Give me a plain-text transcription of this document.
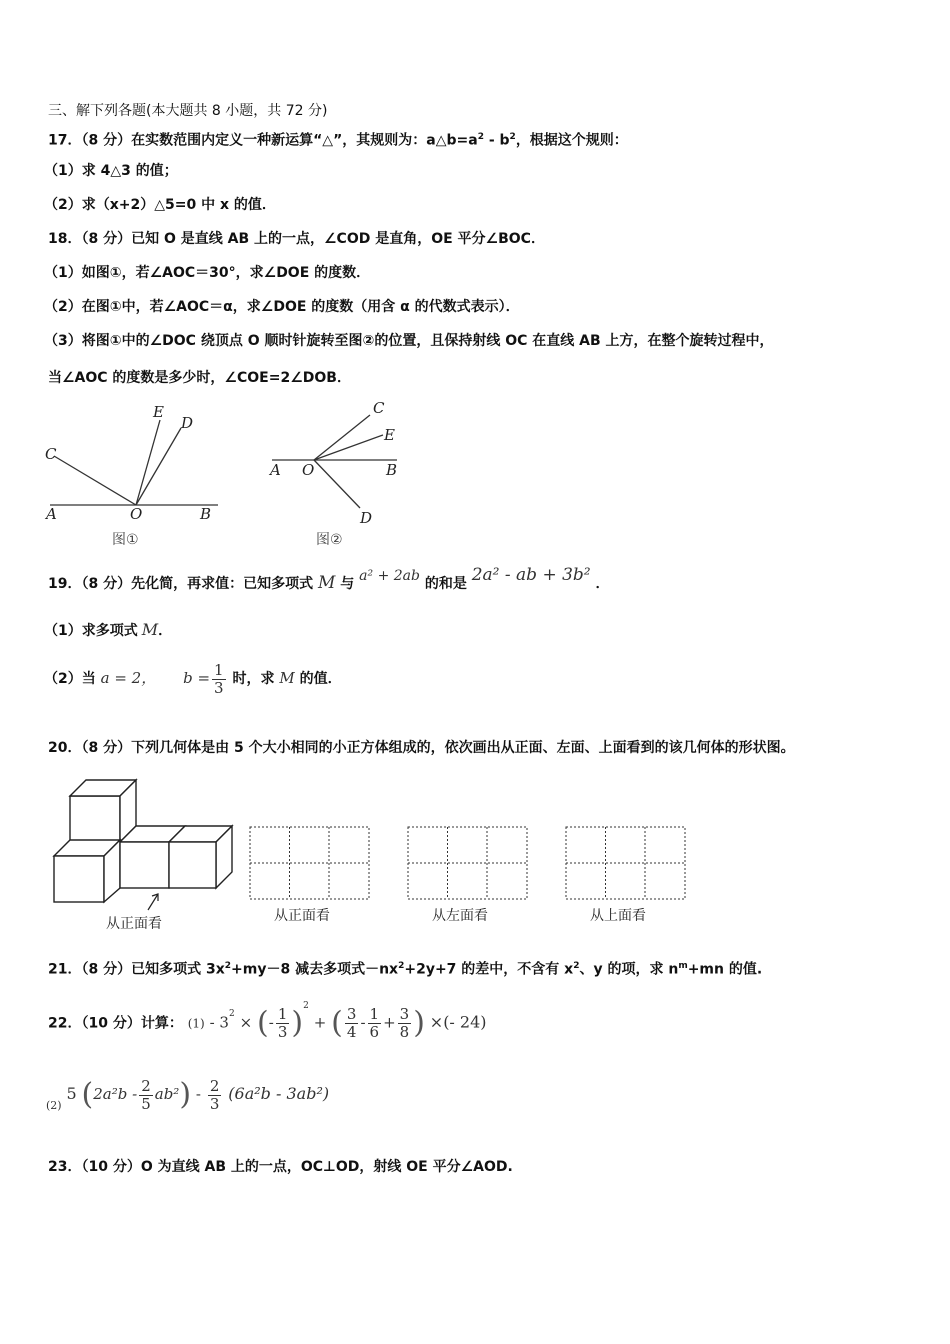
三、解下列各题(本大题共 8 小题，共 72 分)
17．（8 分）在实数范围内定义一种新运算“△”，其规则为：$a\triangle b=a^2 - b^2$，根据这个规则：
（1）求 4△3 的值；
（2）求（x+2）△5=0 中 x 的值．
18．（8 分）已知 O 是直线 AB 上的一点，∠COD 是直角，OE 平分∠BOC．
（1）如图①，若∠AOC＝30°，求∠DOE 的度数．
（2）在图①中，若∠AOC＝α，求∠DOE 的度数（用含 α 的代数式表示）．
（3）将图①中的∠DOC 绕顶点 O 顺时针旋转至图②的位置，且保持射线 OC 在直线 AB 上方，在整个旋转过程中，
当∠AOC 的度数是多少时，∠COE=2∠DOB．
C
E
D
A	O	B
图①
C
E
A O	B
D
图②
19．（8 分）先化简，再求值：已知多项式 M 与 a² + 2ab 的和是 2a² - ab + 3b² ．
（1）求多项式 M．
（2）当 a = 2， $b = \frac{1}{3}$ 时，求 M 的值．
20．（8 分）下列几何体是由 5 个大小相同的小正方体组成的，依次画出从正面、左面、上面看到的该几何体的形状图。
从正面看	从正面看	从左面看	从上面看
21．（8 分）已知多项式 $3x^2+my-8$ 减去多项式$-nx^2+2y+7$ 的差中，不含有 $x^2$、y 的项，求 $n^m+mn$ 的值.
22．（10 分）计算： $(1) - 3^2$ × (- $\frac{1}{3} )^2$ + ( $\frac{3}{4} - \frac{1}{6} + \frac{3}{8}$ ) ×(- 24)
$_{(2)}$ 5 $(2a^2b - \frac{2}{5} ab^2) - \frac{2}{3} (6a^2b - 3ab^2)$
23．（10 分）O 为直线 AB 上的一点，OC⊥OD，射线 OE 平分∠AOD.
